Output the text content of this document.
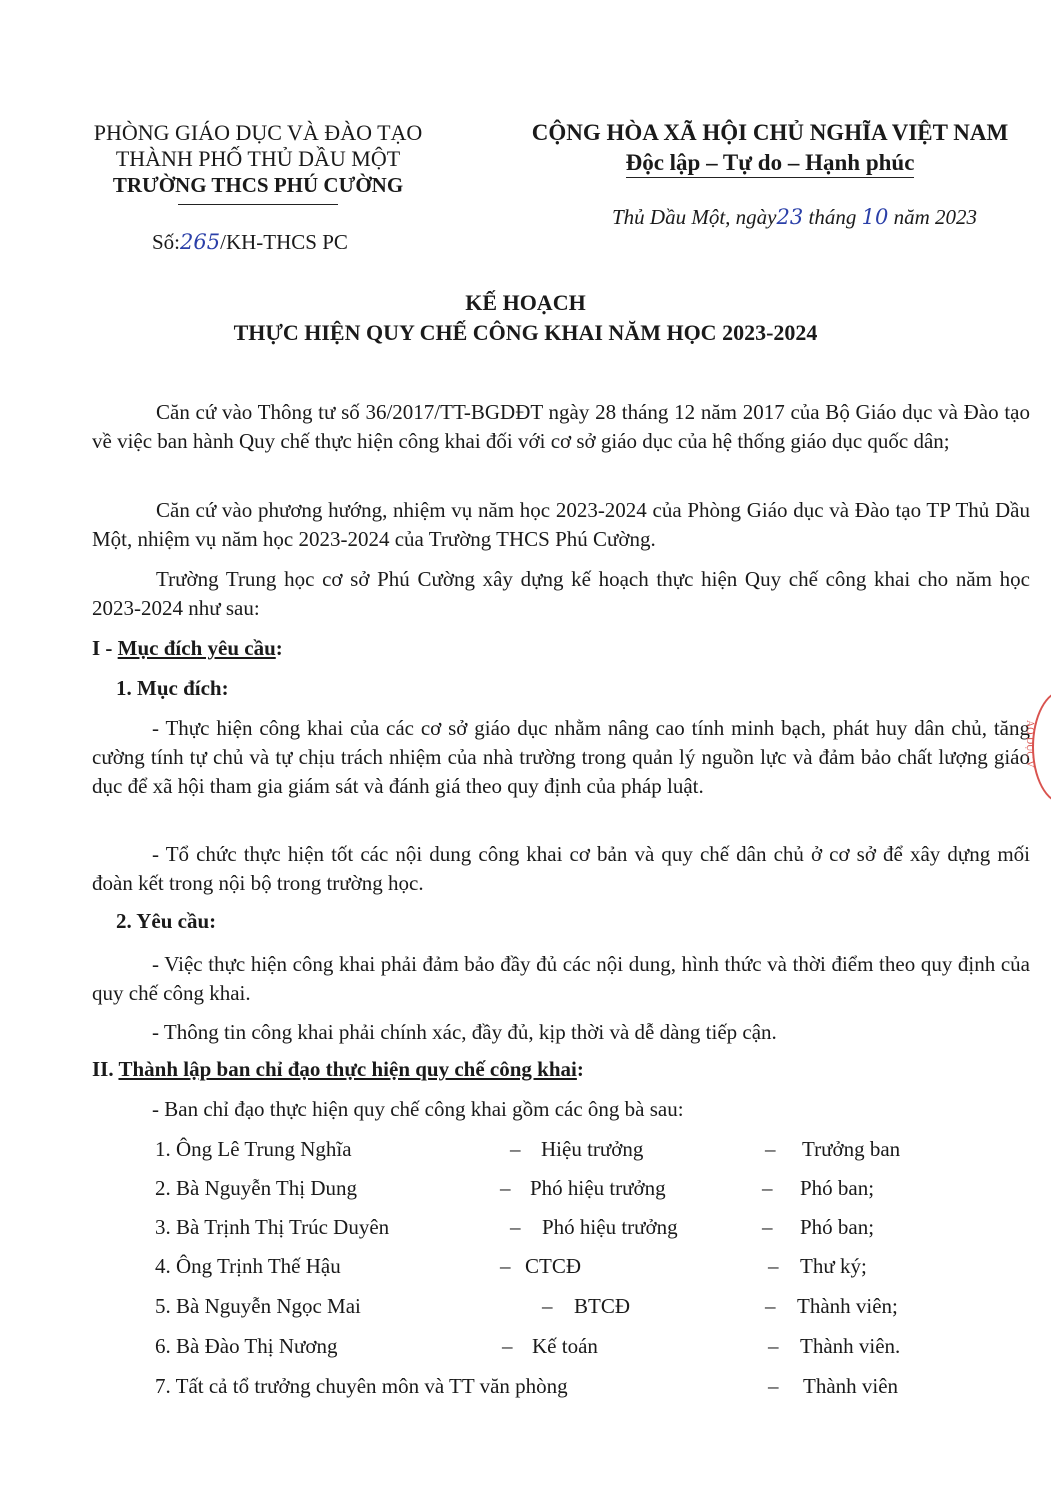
PHÒNG GIÁO DỤC VÀ ĐÀO TẠO
THÀNH PHỐ THỦ DẦU MỘT
TRƯỜNG THCS PHÚ CƯỜNG
CỘNG HÒA XÃ HỘI CHỦ NGHĨA VIỆT NAM
Độc lập – Tự do – Hạnh phúc
Thủ Dầu Một, ngày23 tháng 10 năm 2023
Số:265/KH-THCS PC
KẾ HOẠCH
THỰC HIỆN QUY CHẾ CÔNG KHAI NĂM HỌC 2023-2024
Căn cứ vào Thông tư số 36/2017/TT-BGDĐT ngày 28 tháng 12 năm 2017 của Bộ Giáo dục và Đào tạo về việc ban hành Quy chế thực hiện công khai đối với cơ sở giáo dục của hệ thống giáo dục quốc dân;
Căn cứ vào phương hướng, nhiệm vụ năm học 2023-2024 của Phòng Giáo dục và Đào tạo TP Thủ Dầu Một, nhiệm vụ năm học 2023-2024 của Trường THCS Phú Cường.
Trường Trung học cơ sở Phú Cường xây dựng kế hoạch thực hiện Quy chế công khai cho năm học 2023-2024 như sau:
I - Mục đích yêu cầu:
1. Mục đích:
- Thực hiện công khai của các cơ sở giáo dục nhằm nâng cao tính minh bạch, phát huy dân chủ, tăng cường tính tự chủ và tự chịu trách nhiệm của nhà trường trong quản lý nguồn lực và đảm bảo chất lượng giáo dục để xã hội tham gia giám sát và đánh giá theo quy định của pháp luật.
- Tổ chức thực hiện tốt các nội dung công khai cơ bản và quy chế dân chủ ở cơ sở để xây dựng mối đoàn kết trong nội bộ trong trường học.
2. Yêu cầu:
- Việc thực hiện công khai phải đảm bảo đầy đủ các nội dung, hình thức và thời điểm theo quy định của quy chế công khai.
- Thông tin công khai phải chính xác, đầy đủ, kịp thời và dễ dàng tiếp cận.
II. Thành lập ban chỉ đạo thực hiện quy chế công khai:
- Ban chỉ đạo thực hiện quy chế công khai gồm các ông bà sau:
1. Ông Lê Trung Nghĩa	– Hiệu trưởng	– Trưởng ban
2. Bà Nguyễn Thị Dung	– Phó hiệu trưởng	– Phó ban;
3. Bà Trịnh Thị Trúc Duyên	– Phó hiệu trưởng	– Phó ban;
4. Ông Trịnh Thế Hậu	– CTCĐ	– Thư ký;
5. Bà Nguyễn Ngọc Mai	– BTCĐ	– Thành viên;
6. Bà Đào Thị Nương	– Kế toán	– Thành viên.
7. Tất cả tổ trưởng chuyên môn và TT văn phòng	– Thành viên
ÁO DỤC V
